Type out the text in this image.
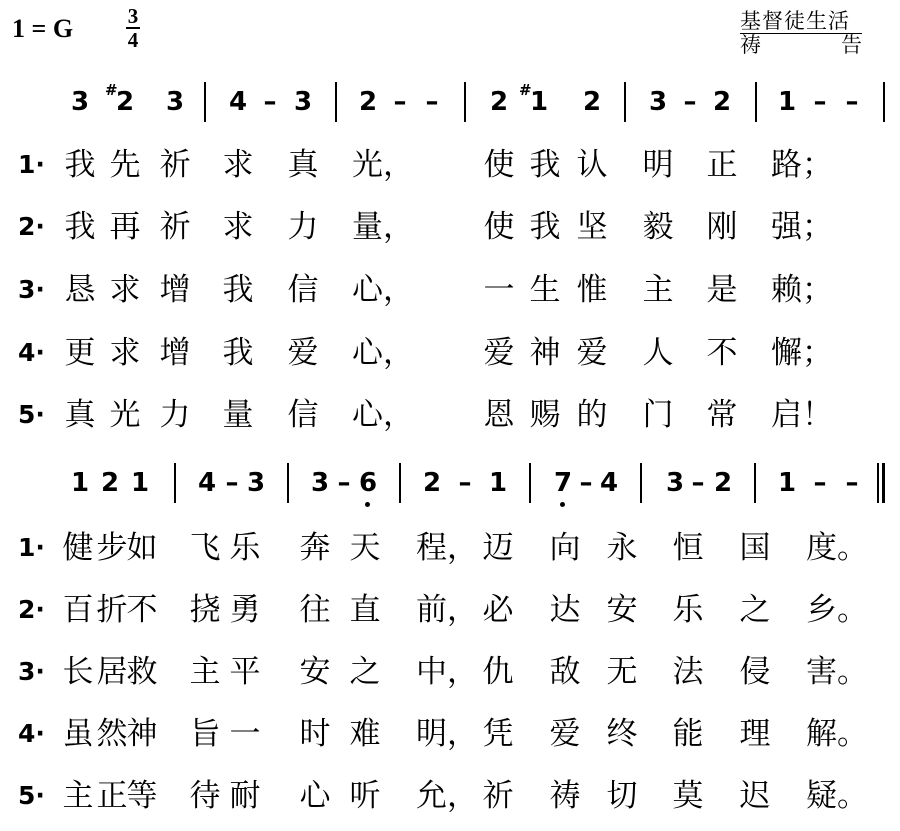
1 = G	3
4
基督徒生活
祷	告
3 # 2 3 4 – 3 2 – –	2 # 1 2 3 – 2 1 – –
1· 我 先 祈 求 真 光， 使 我 认 明 正 路；
2· 我 再 祈 求 力 量， 使 我 坚 毅 刚 强；
3· 恳 求 增 我 信 心， 一 生 惟 主 是 赖；
4· 更 求 增 我 爱 心， 爱 神 爱 人 不 懈；
5· 真 光 力 量 信 心， 恩 赐 的 门 常 启！
1 2 1 4 – 3 3 – 6 2 – 1 7 – 4 3 – 2 1 – –
1· 健 步 如 飞 乐 奔 天 程， 迈 向 永 恒 国 度。
2· 百 折 不 挠 勇 往 直 前， 必 达 安 乐 之 乡。
3· 长 居 救 主 平 安 之 中， 仇 敌 无 法 侵 害。
4· 虽 然 神 旨 一 时 难 明， 凭 爱 终 能 理 解。
5· 主 正 等 待 耐 心 听 允， 祈 祷 切 莫 迟 疑。
